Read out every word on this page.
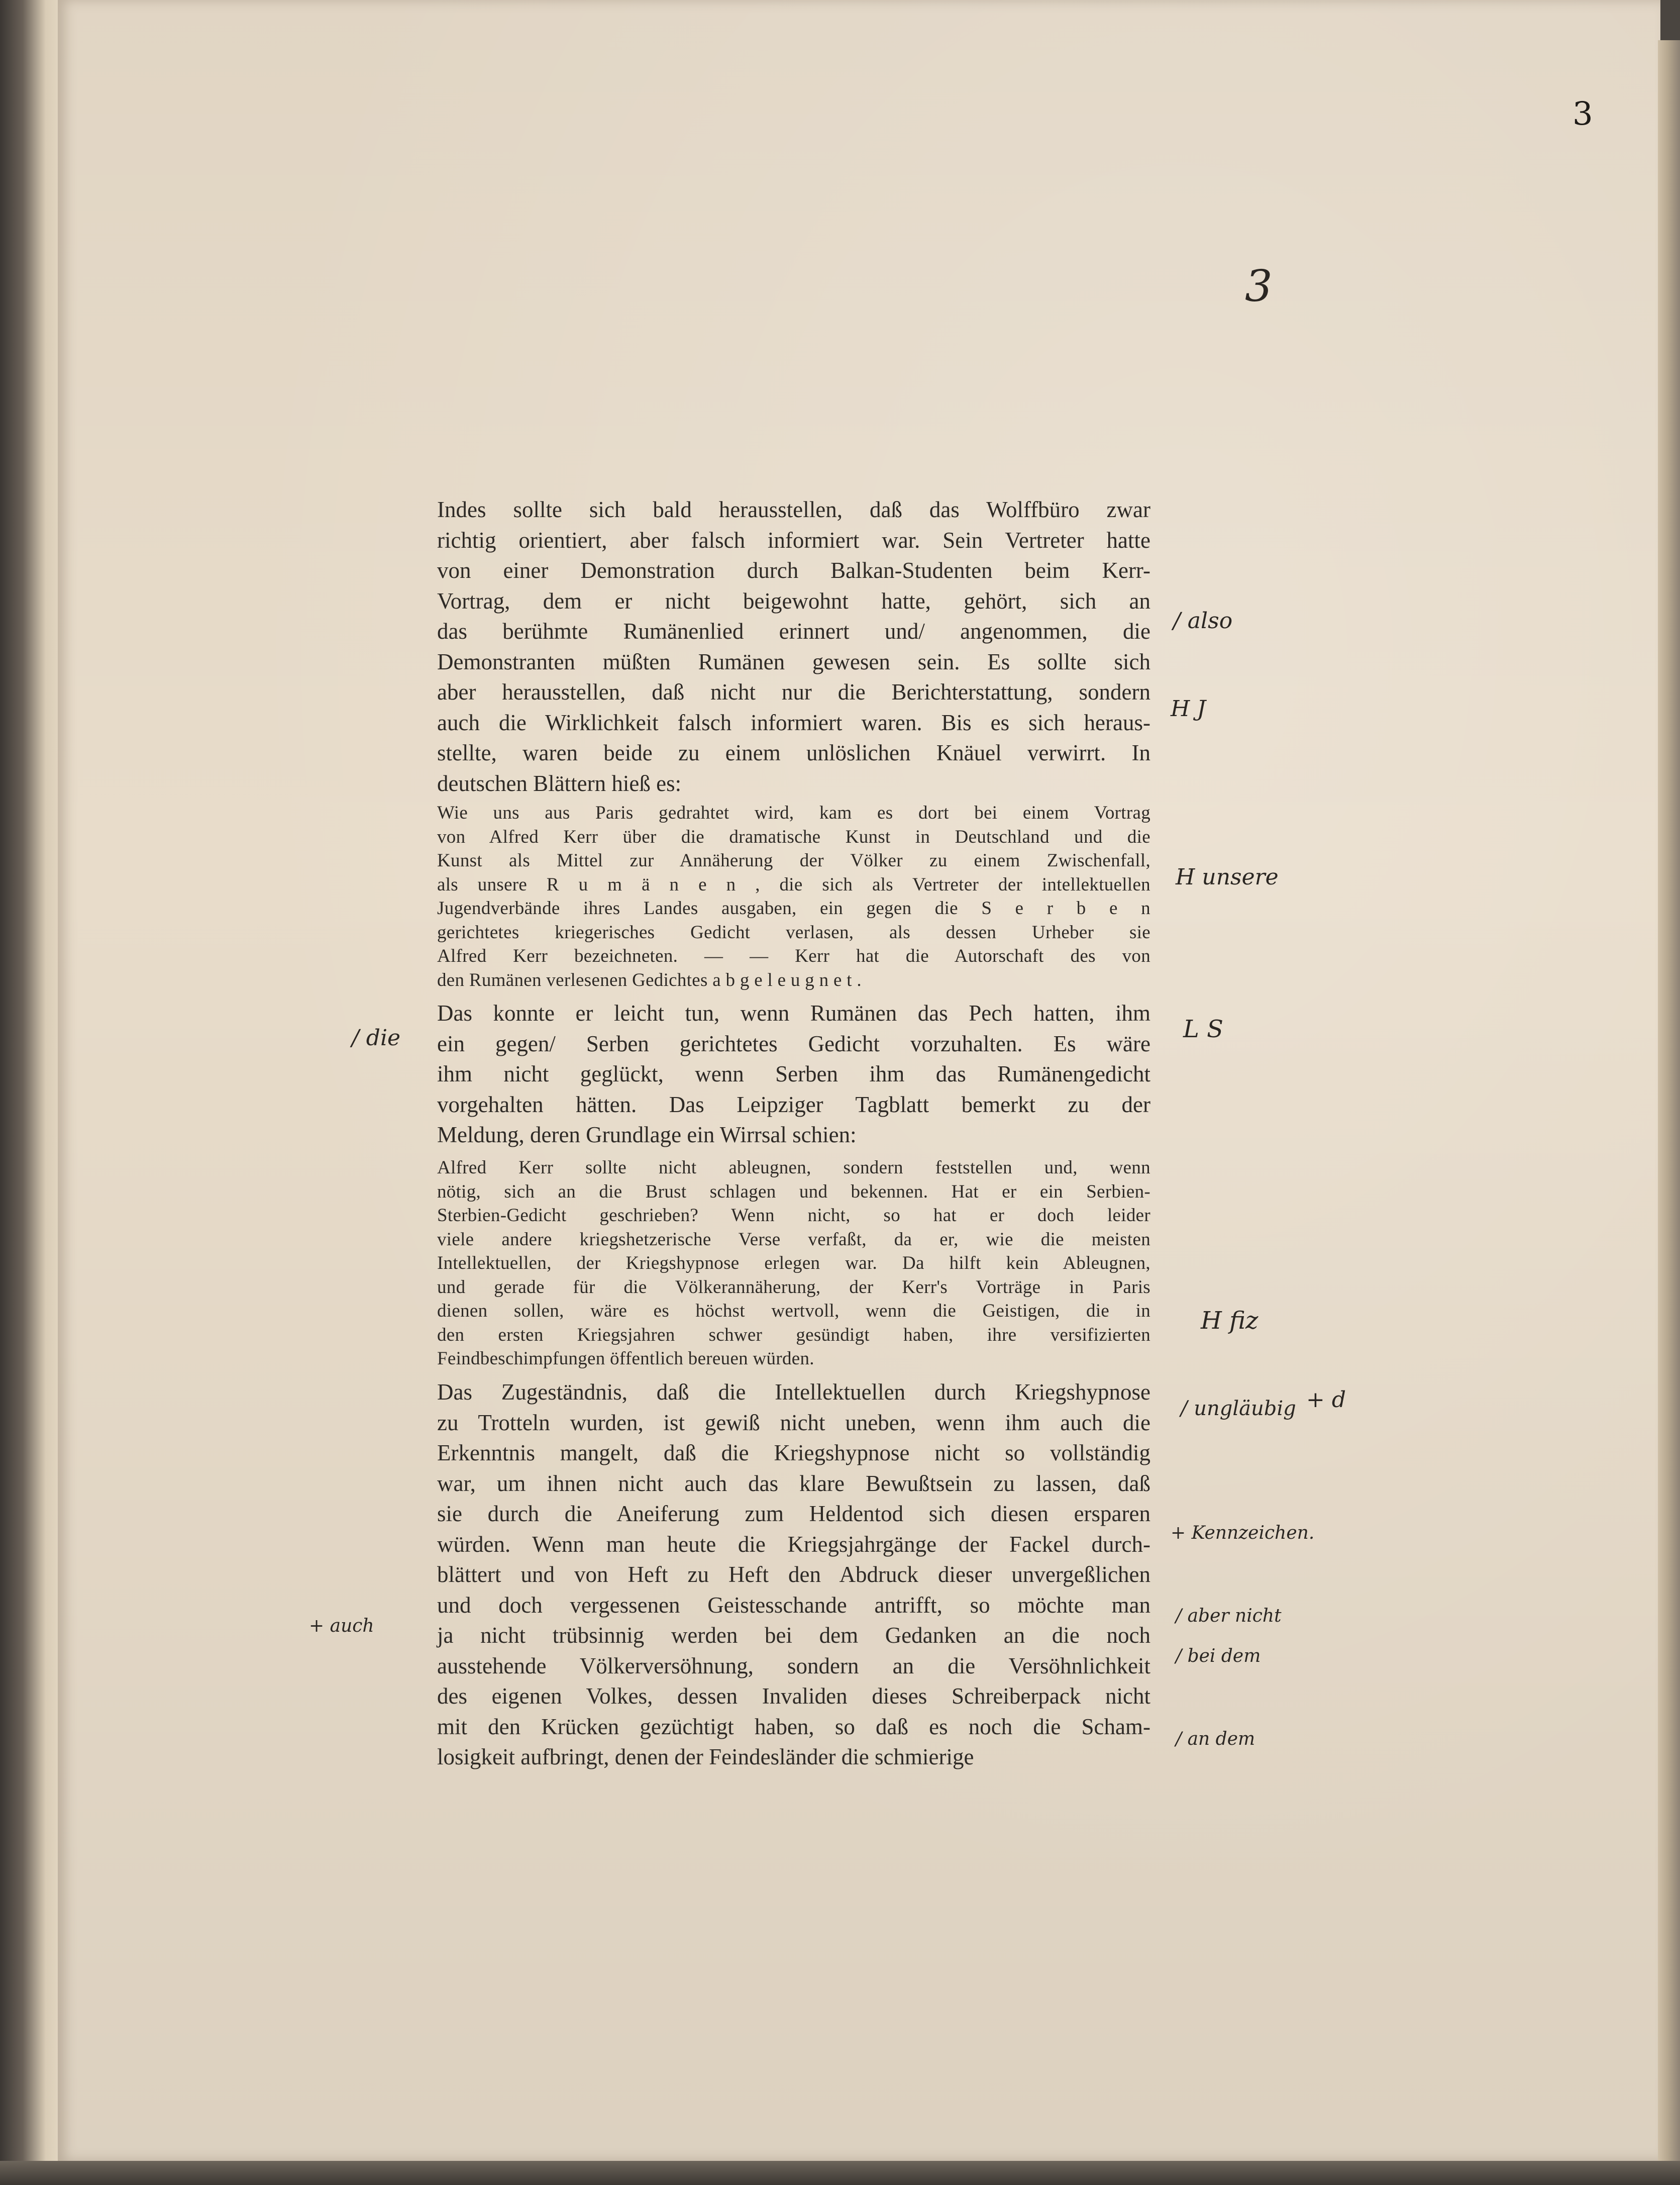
3
3
Indes sollte sich bald herausstellen, daß das Wolffbüro zwar
richtig orientiert, aber falsch informiert war. Sein Vertreter hatte
von einer Demonstration durch Balkan-Studenten beim Kerr-
Vortrag, dem er nicht beigewohnt hatte, gehört, sich an
das berühmte Rumänenlied erinnert und/ angenommen, die
Demonstranten müßten Rumänen gewesen sein. Es sollte sich
aber herausstellen, daß nicht nur die Berichterstattung, sondern
auch die Wirklichkeit falsch informiert waren. Bis es sich heraus-
stellte, waren beide zu einem unlöslichen Knäuel verwirrt. In
deutschen Blättern hieß es:
Wie uns aus Paris gedrahtet wird, kam es dort bei einem Vortrag
von Alfred Kerr über die dramatische Kunst in Deutschland und die
Kunst als Mittel zur Annäherung der Völker zu einem Zwischenfall,
als unsere R u m ä n e n , die sich als Vertreter der intellektuellen
Jugendverbände ihres Landes ausgaben, ein gegen die S e r b e n
gerichtetes kriegerisches Gedicht verlasen, als dessen Urheber sie
Alfred Kerr bezeichneten. — — Kerr hat die Autorschaft des von
den Rumänen verlesenen Gedichtes a b g e l e u g n e t .
Das konnte er leicht tun, wenn Rumänen das Pech hatten, ihm
ein gegen/ Serben gerichtetes Gedicht vorzuhalten. Es wäre
ihm nicht geglückt, wenn Serben ihm das Rumänengedicht
vorgehalten hätten. Das Leipziger Tagblatt bemerkt zu der
Meldung, deren Grundlage ein Wirrsal schien:
Alfred Kerr sollte nicht ableugnen, sondern feststellen und, wenn
nötig, sich an die Brust schlagen und bekennen. Hat er ein Serbien-
Sterbien-Gedicht geschrieben? Wenn nicht, so hat er doch leider
viele andere kriegshetzerische Verse verfaßt, da er, wie die meisten
Intellektuellen, der Kriegshypnose erlegen war. Da hilft kein Ableugnen,
und gerade für die Völkerannäherung, der Kerr's Vorträge in Paris
dienen sollen, wäre es höchst wertvoll, wenn die Geistigen, die in
den ersten Kriegsjahren schwer gesündigt haben, ihre versifizierten
Feindbeschimpfungen öffentlich bereuen würden.
Das Zugeständnis, daß die Intellektuellen durch Kriegshypnose
zu Trotteln wurden, ist gewiß nicht uneben, wenn ihm auch die
Erkenntnis mangelt, daß die Kriegshypnose nicht so vollständig
war, um ihnen nicht auch das klare Bewußtsein zu lassen, daß
sie durch die Aneiferung zum Heldentod sich diesen ersparen
würden. Wenn man heute die Kriegsjahrgänge der Fackel durch-
blättert und von Heft zu Heft den Abdruck dieser unvergeßlichen
und doch vergessenen Geistesschande antrifft, so möchte man
ja nicht trübsinnig werden bei dem Gedanken an die noch
ausstehende Völkerversöhnung, sondern an die Versöhnlichkeit
des eigenen Volkes, dessen Invaliden dieses Schreiberpack nicht
mit den Krücken gezüchtigt haben, so daß es noch die Scham-
losigkeit aufbringt, denen der Feindesländer die schmierige
/ also
H J
H unsere
/ die	L S
H fiz
/ ungläubig + d
+ Kennzeichen.
+ auch	/ aber nicht
/ bei dem
/ an dem
